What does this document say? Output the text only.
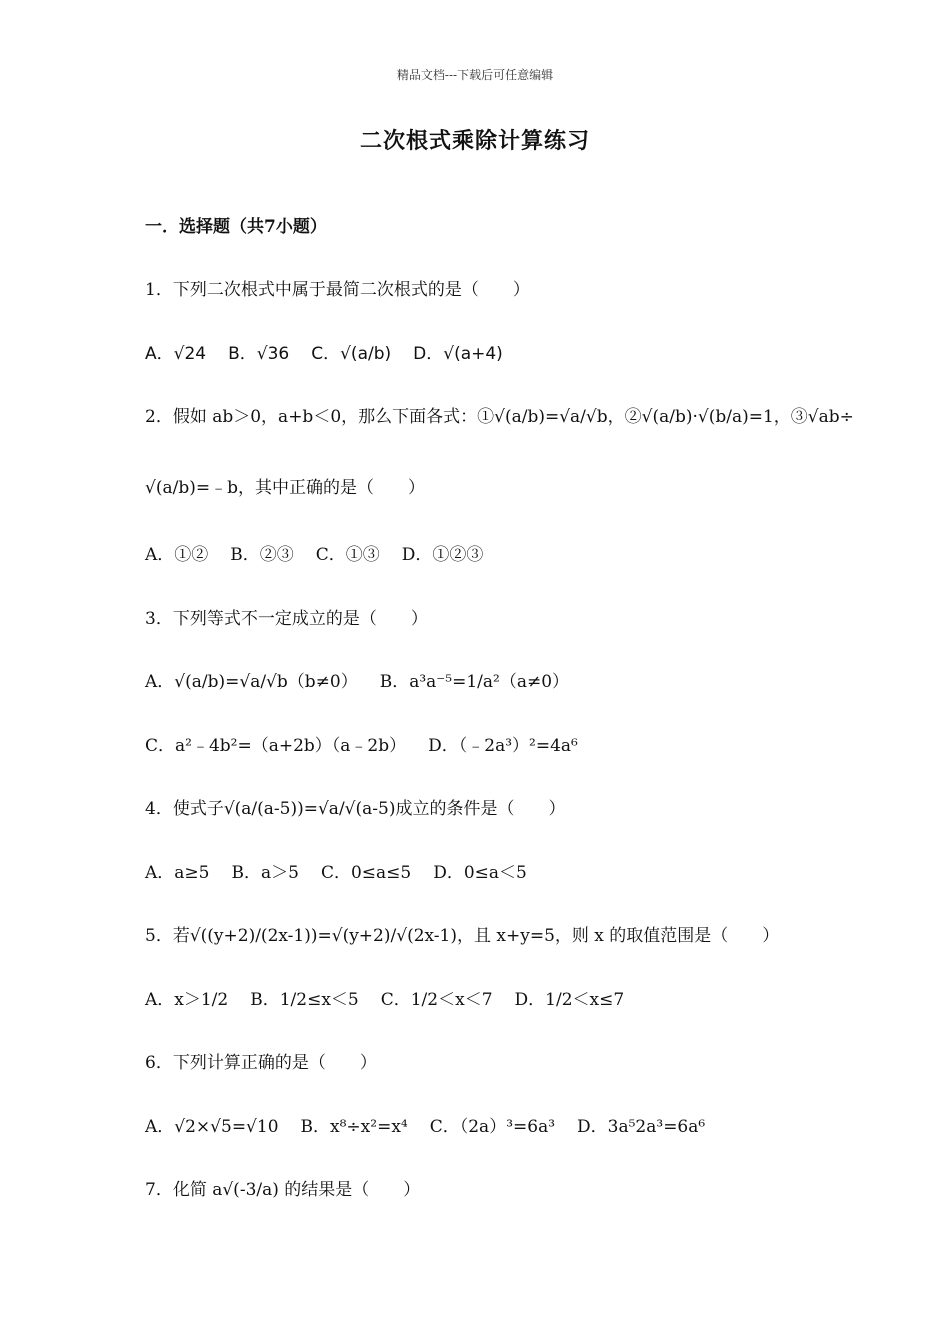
精品文档---下载后可任意编辑
二次根式乘除计算练习
一．选择题（共7小题）
1．下列二次根式中属于最简二次根式的是（　　）
A．√24 B．√36 C．√(a/b) D．√(a+4)
2．假如 ab＞0，a+b＜0，那么下面各式：①√(a/b)=√a/√b，②√(a/b)·√(b/a)=1，③√ab÷
√(a/b)=﹣b，其中正确的是（　　）
A．①② B．②③ C．①③ D．①②③
3．下列等式不一定成立的是（　　）
A．√(a/b)=√a/√b（b≠0） B．a³a⁻⁵=1/a²（a≠0）
C．a²﹣4b²=（a+2b）（a﹣2b） D．（﹣2a³）²=4a⁶
4．使式子√(a/(a-5))=√a/√(a-5)成立的条件是（　　）
A．a≥5 B．a＞5 C．0≤a≤5 D．0≤a＜5
5．若√((y+2)/(2x-1))=√(y+2)/√(2x-1)，且 x+y=5，则 x 的取值范围是（　　）
A．x＞1/2 B．1/2≤x＜5 C．1/2＜x＜7 D．1/2＜x≤7
6．下列计算正确的是（　　）
A．√2×√5=√10 B．x⁸÷x²=x⁴ C．（2a）³=6a³ D．3a⁵2a³=6a⁶
7．化简 a√(-3/a) 的结果是（　　）
